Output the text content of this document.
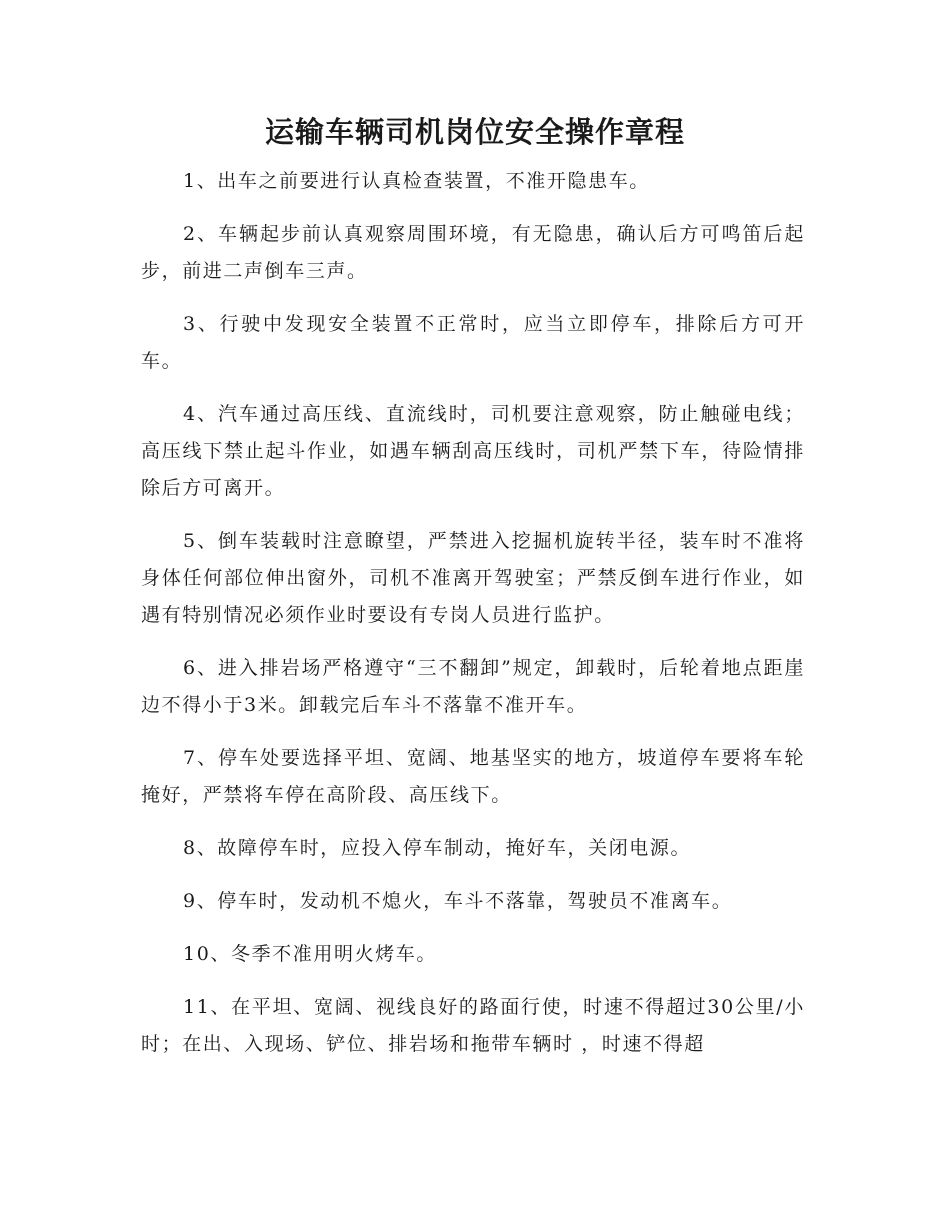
运输车辆司机岗位安全操作章程

1、出车之前要进行认真检查装置，不准开隐患车。

2、车辆起步前认真观察周围环境，有无隐患，确认后方可鸣笛后起步，前进二声倒车三声。

3、行驶中发现安全装置不正常时，应当立即停车，排除后方可开车。

4、汽车通过高压线、直流线时，司机要注意观察，防止触碰电线；高压线下禁止起斗作业，如遇车辆刮高压线时，司机严禁下车，待险情排除后方可离开。

5、倒车装载时注意瞭望，严禁进入挖掘机旋转半径，装车时不准将身体任何部位伸出窗外，司机不准离开驾驶室；严禁反倒车进行作业，如遇有特别情况必须作业时要设有专岗人员进行监护。

6、进入排岩场严格遵守“三不翻卸”规定，卸载时，后轮着地点距崖边不得小于3米。卸载完后车斗不落靠不准开车。

7、停车处要选择平坦、宽阔、地基坚实的地方，坡道停车要将车轮掩好，严禁将车停在高阶段、高压线下。

8、故障停车时，应投入停车制动，掩好车，关闭电源。

9、停车时，发动机不熄火，车斗不落靠，驾驶员不准离车。

10、冬季不准用明火烤车。

11、在平坦、宽阔、视线良好的路面行使，时速不得超过30公里/小时；在出、入现场、铲位、排岩场和拖带车辆时 ，时速不得超
